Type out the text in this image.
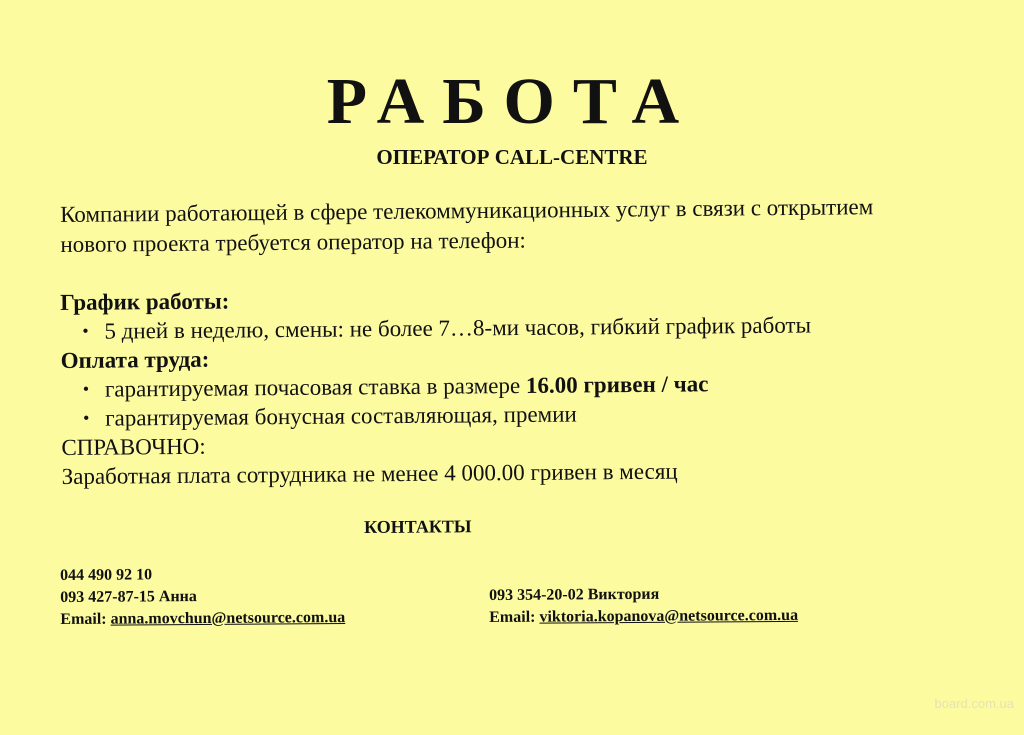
РАБОТА
ОПЕРАТОР CALL-CENTRE
Компании работающей в сфере телекоммуникационных услуг в связи с открытием
нового проекта требуется оператор на телефон:
График работы:
• 5 дней в неделю, смены: не более 7…8-ми часов, гибкий график работы
Оплата труда:
• гарантируемая почасовая ставка в размере 16.00 гривен / час
• гарантируемая бонусная составляющая, премии
СПРАВОЧНО:
Заработная плата сотрудника не менее 4 000.00 гривен в месяц
КОНТАКТЫ
044 490 92 10
093 427-87-15 Анна
Email: anna.movchun@netsource.com.ua
093 354-20-02 Виктория
Email: viktoria.kopanova@netsource.com.ua
board.com.ua
